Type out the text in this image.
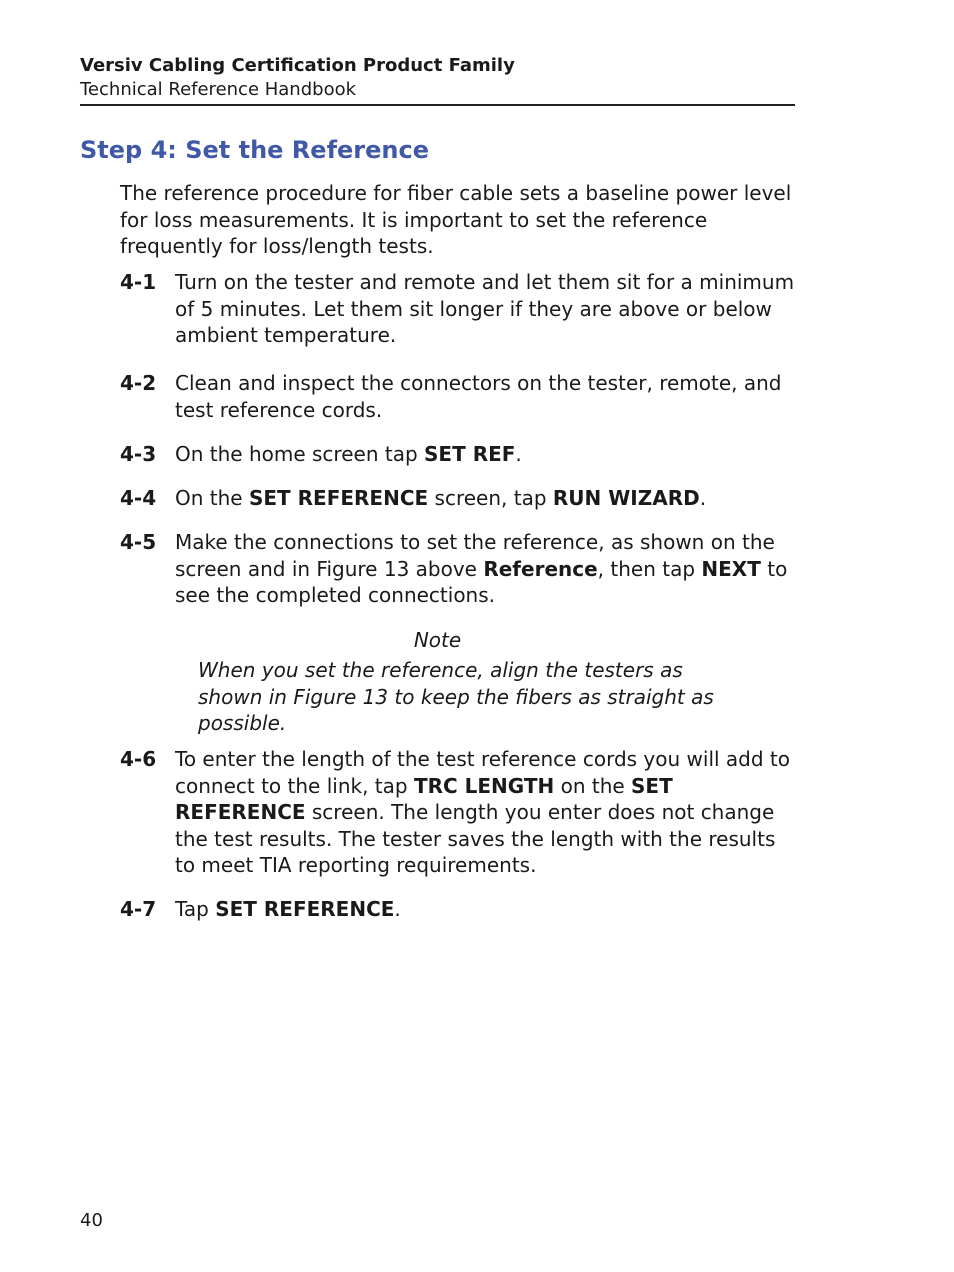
Versiv Cabling Certification Product Family
Technical Reference Handbook
Step 4: Set the Reference

The reference procedure for fiber cable sets a baseline power level for loss measurements. It is important to set the reference frequently for loss/length tests.

4-1 Turn on the tester and remote and let them sit for a minimum of 5 minutes. Let them sit longer if they are above or below ambient temperature.
4-2 Clean and inspect the connectors on the tester, remote, and test reference cords.
4-3 On the home screen tap SET REF.
4-4 On the SET REFERENCE screen, tap RUN WIZARD.
4-5 Make the connections to set the reference, as shown on the screen and in Figure 13 above Reference, then tap NEXT to see the completed connections.
Note
When you set the reference, align the testers as shown in Figure 13 to keep the fibers as straight as possible.
4-6 To enter the length of the test reference cords you will add to connect to the link, tap TRC LENGTH on the SET REFERENCE screen. The length you enter does not change the test results. The tester saves the length with the results to meet TIA reporting requirements.
4-7 Tap SET REFERENCE.
40
